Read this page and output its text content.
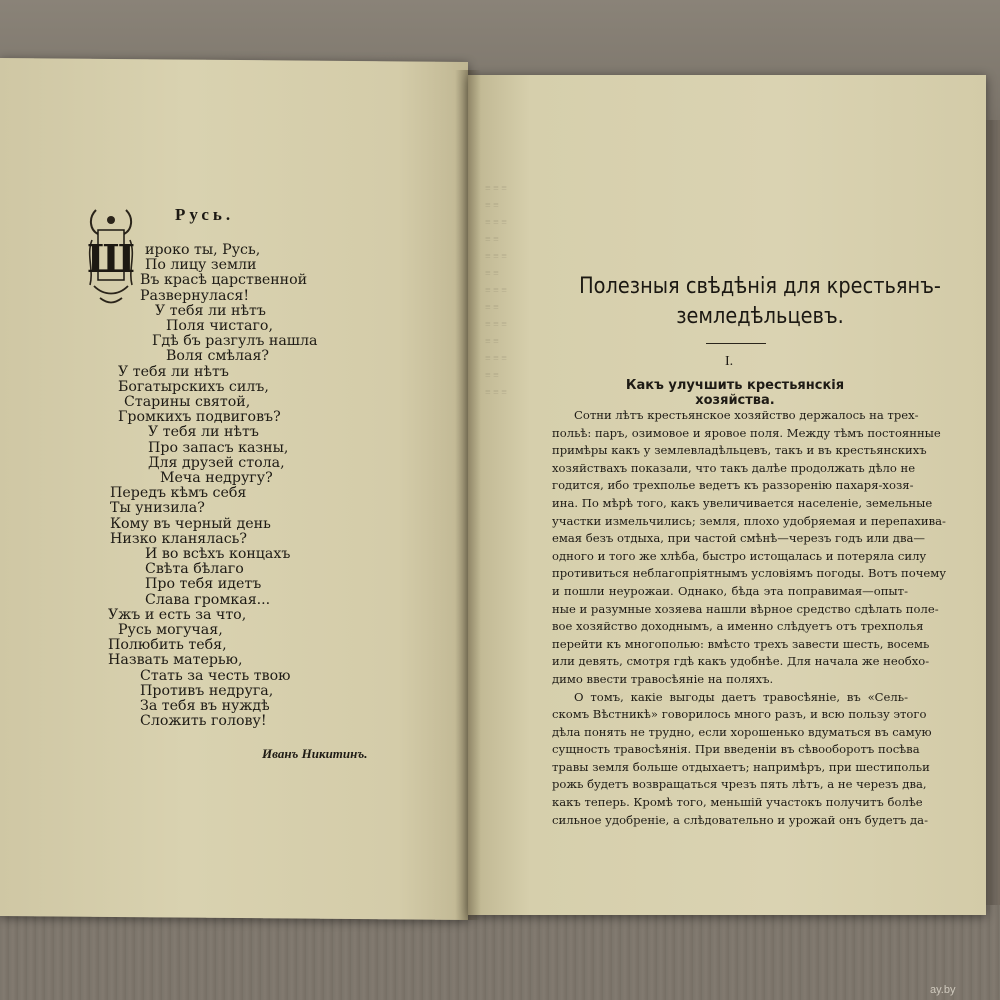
≡ ≡ ≡
≡ ≡
≡ ≡ ≡
≡ ≡
≡ ≡ ≡
≡ ≡
≡ ≡ ≡
≡ ≡
≡ ≡ ≡
≡ ≡
≡ ≡ ≡
≡ ≡
≡ ≡ ≡
Русь.
Ш ироко ты, Русь,
По лицу земли
Въ красѣ царственной
Развернулася!
У тебя ли нѣтъ
Поля чистаго,
Гдѣ бъ разгулъ нашла
Воля смѣлая?
У тебя ли нѣтъ
Богатырскихъ силъ,
Старины святой,
Громкихъ подвиговъ?
У тебя ли нѣтъ
Про запасъ казны,
Для друзей стола,
Меча недругу?
Передъ кѣмъ себя
Ты унизила?
Кому въ черный день
Низко кланялась?
И во всѣхъ концахъ
Свѣта бѣлаго
Про тебя идетъ
Слава громкая...
Ужъ и есть за что,
Русь могучая,
Полюбить тебя,
Назвать матерью,
Стать за честь твою
Противъ недруга,
За тебя въ нуждѣ
Сложить голову!
Иванъ Никитинъ.
Полезныя свѣдѣнія для крестьянъ-
земледѣльцевъ.
I.
Какъ улучшить крестьянскія хозяйства.
Сотни лѣтъ крестьянское хозяйство держалось на трех-
польѣ: паръ, озимовое и яровое поля. Между тѣмъ постоянные
примѣры какъ у землевладѣльцевъ, такъ и въ крестьянскихъ
хозяйствахъ показали, что такъ далѣе продолжать дѣло не
годится, ибо трехполье ведетъ къ раззоренію пахаря-хозя-
ина. По мѣрѣ того, какъ увеличивается населеніе, земельные
участки измельчились; земля, плохо удобряемая и перепахива-
емая безъ отдыха, при частой смѣнѣ—черезъ годъ или два—
одного и того же хлѣба, быстро истощалась и потеряла силу
противиться неблагопріятнымъ условіямъ погоды. Вотъ почему
и пошли неурожаи. Однако, бѣда эта поправимая—опыт-
ные и разумные хозяева нашли вѣрное средство сдѣлать поле-
вое хозяйство доходнымъ, а именно слѣдуетъ отъ трехполья
перейти къ многополью: вмѣсто трехъ завести шесть, восемь
или девять, смотря гдѣ какъ удобнѣе. Для начала же необхо-
димо ввести травосѣяніе на поляхъ.
О томъ, какіе выгоды даетъ травосѣяніе, въ «Сель-
скомъ Вѣстникѣ» говорилось много разъ, и всю пользу этого
дѣла понять не трудно, если хорошенько вдуматься въ самую
сущность травосѣянія. При введеніи въ сѣвооборотъ посѣва
травы земля больше отдыхаетъ; напримѣръ, при шестипольи
рожь будетъ возвращаться чрезъ пять лѣтъ, а не черезъ два,
какъ теперь. Кромѣ того, меньшій участокъ получитъ болѣе
сильное удобреніе, а слѣдовательно и урожай онъ будетъ да-
ay.by
